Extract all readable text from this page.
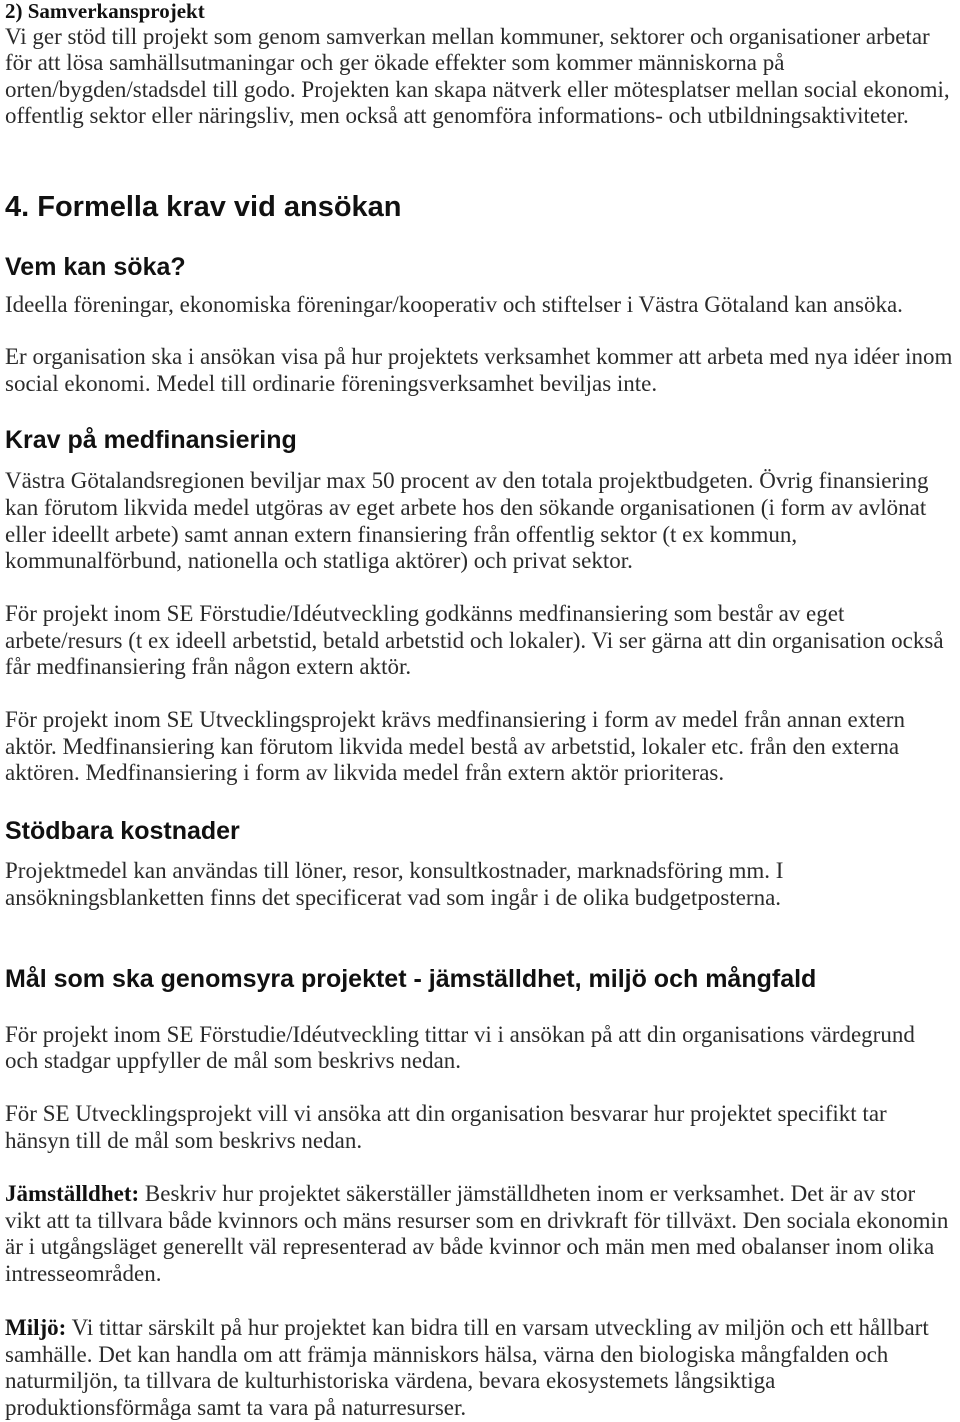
2) Samverkansprojekt
Vi ger stöd till projekt som genom samverkan mellan kommuner, sektorer och organisationer arbetar
för att lösa samhällsutmaningar och ger ökade effekter som kommer människorna på
orten/bygden/stadsdel till godo. Projekten kan skapa nätverk eller mötesplatser mellan social ekonomi,
offentlig sektor eller näringsliv, men också att genomföra informations- och utbildningsaktiviteter.
4. Formella krav vid ansökan
Vem kan söka?
Ideella föreningar, ekonomiska föreningar/kooperativ och stiftelser i Västra Götaland kan ansöka.
Er organisation ska i ansökan visa på hur projektets verksamhet kommer att arbeta med nya idéer inom
social ekonomi. Medel till ordinarie föreningsverksamhet beviljas inte.
Krav på medfinansiering
Västra Götalandsregionen beviljar max 50 procent av den totala projektbudgeten. Övrig finansiering
kan förutom likvida medel utgöras av eget arbete hos den sökande organisationen (i form av avlönat
eller ideellt arbete) samt annan extern finansiering från offentlig sektor (t ex kommun,
kommunalförbund, nationella och statliga aktörer) och privat sektor.
För projekt inom SE Förstudie/Idéutveckling godkänns medfinansiering som består av eget
arbete/resurs (t ex ideell arbetstid, betald arbetstid och lokaler). Vi ser gärna att din organisation också
får medfinansiering från någon extern aktör.
För projekt inom SE Utvecklingsprojekt krävs medfinansiering i form av medel från annan extern
aktör. Medfinansiering kan förutom likvida medel bestå av arbetstid, lokaler etc. från den externa
aktören. Medfinansiering i form av likvida medel från extern aktör prioriteras.
Stödbara kostnader
Projektmedel kan användas till löner, resor, konsultkostnader, marknadsföring mm. I
ansökningsblanketten finns det specificerat vad som ingår i de olika budgetposterna.
Mål som ska genomsyra projektet - jämställdhet, miljö och mångfald
För projekt inom SE Förstudie/Idéutveckling tittar vi i ansökan på att din organisations värdegrund
och stadgar uppfyller de mål som beskrivs nedan.
För SE Utvecklingsprojekt vill vi ansöka att din organisation besvarar hur projektet specifikt tar
hänsyn till de mål som beskrivs nedan.
Jämställdhet: Beskriv hur projektet säkerställer jämställdheten inom er verksamhet. Det är av stor
vikt att ta tillvara både kvinnors och mäns resurser som en drivkraft för tillväxt. Den sociala ekonomin
är i utgångsläget generellt väl representerad av både kvinnor och män men med obalanser inom olika
intresseområden.
Miljö: Vi tittar särskilt på hur projektet kan bidra till en varsam utveckling av miljön och ett hållbart
samhälle. Det kan handla om att främja människors hälsa, värna den biologiska mångfalden och
naturmiljön, ta tillvara de kulturhistoriska värdena, bevara ekosystemets långsiktiga
produktionsförmåga samt ta vara på naturresurser.
